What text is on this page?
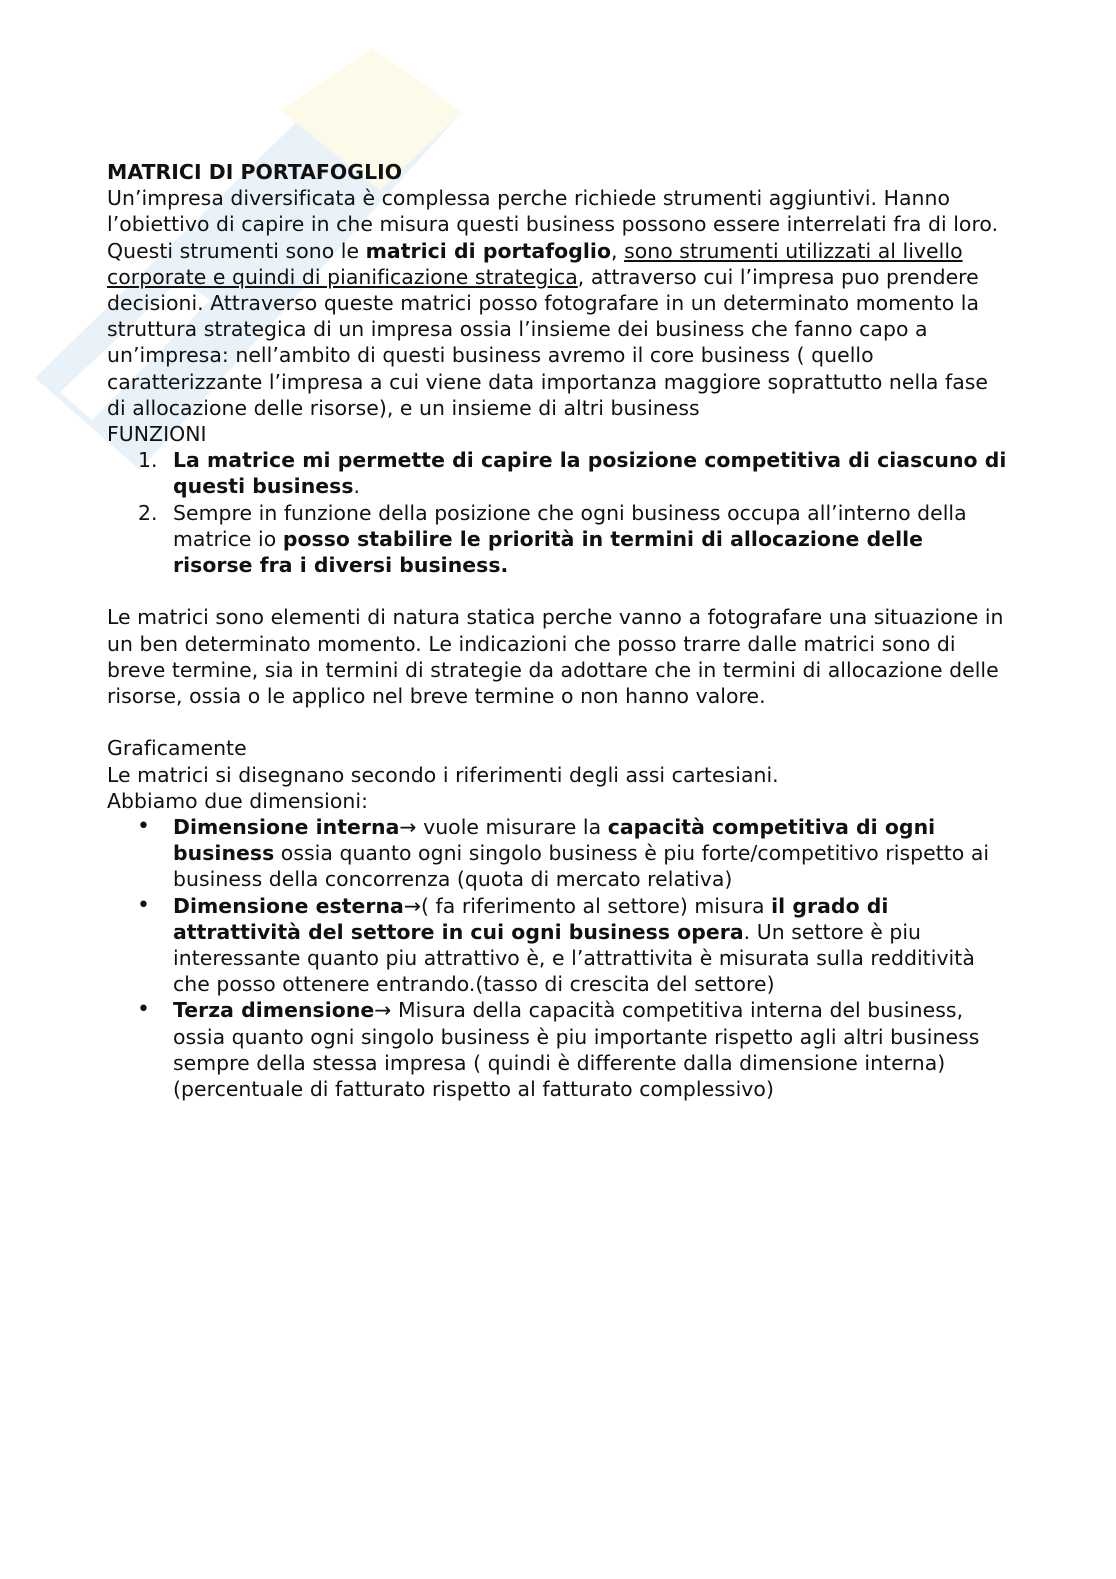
MATRICI DI PORTAFOGLIO

Un’impresa diversificata è complessa perche richiede strumenti aggiuntivi. Hanno l’obiettivo di capire in che misura questi business possono essere interrelati fra di loro. Questi strumenti sono le matrici di portafoglio, sono strumenti utilizzati al livello corporate e quindi di pianificazione strategica, attraverso cui l’impresa puo prendere decisioni. Attraverso queste matrici posso fotografare in un determinato momento la struttura strategica di un impresa ossia l’insieme dei business che fanno capo a un’impresa: nell’ambito di questi business avremo il core business ( quello caratterizzante l’impresa a cui viene data importanza maggiore soprattutto nella fase di allocazione delle risorse), e un insieme di altri business

FUNZIONI

1. La matrice mi permette di capire la posizione competitiva di ciascuno di questi business.
2. Sempre in funzione della posizione che ogni business occupa all’interno della matrice io posso stabilire le priorità in termini di allocazione delle risorse fra i diversi business.

Le matrici sono elementi di natura statica perche vanno a fotografare una situazione in un ben determinato momento. Le indicazioni che posso trarre dalle matrici sono di breve termine, sia in termini di strategie da adottare che in termini di allocazione delle risorse, ossia o le applico nel breve termine o non hanno valore.

Graficamente

Le matrici si disegnano secondo i riferimenti degli assi cartesiani.

Abbiamo due dimensioni:

• Dimensione interna→ vuole misurare la capacità competitiva di ogni business ossia quanto ogni singolo business è piu forte/competitivo rispetto ai business della concorrenza (quota di mercato relativa)
• Dimensione esterna→( fa riferimento al settore) misura il grado di attrattività del settore in cui ogni business opera. Un settore è piu interessante quanto piu attrattivo è, e l’attrattivita è misurata sulla redditività che posso ottenere entrando.(tasso di crescita del settore)
• Terza dimensione→ Misura della capacità competitiva interna del business, ossia quanto ogni singolo business è piu importante rispetto agli altri business sempre della stessa impresa ( quindi è differente dalla dimensione interna) (percentuale di fatturato rispetto al fatturato complessivo)
